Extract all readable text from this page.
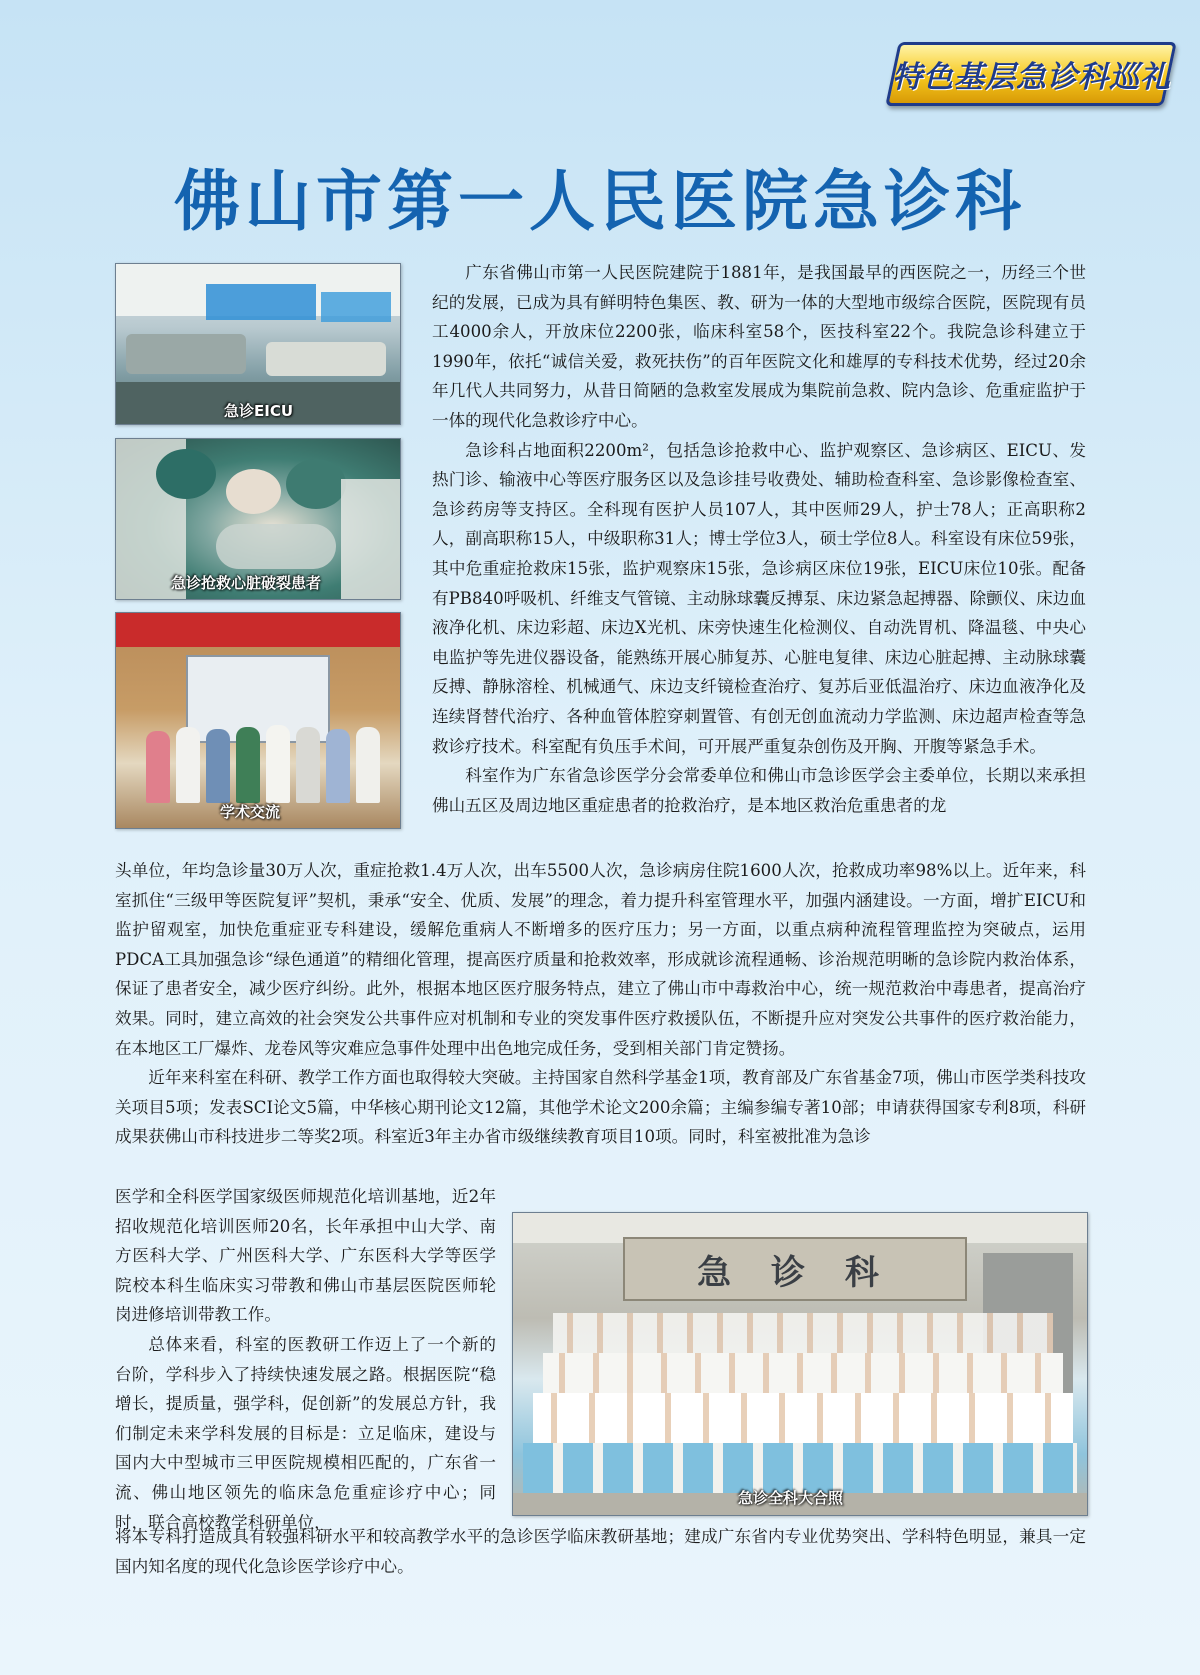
特色基层急诊科巡礼
佛山市第一人民医院急诊科
急诊EICU
急诊抢救心脏破裂患者
学术交流

广东省佛山市第一人民医院建院于1881年，是我国最早的西医院之一，历经三个世纪的发展，已成为具有鲜明特色集医、教、研为一体的大型地市级综合医院，医院现有员工4000余人，开放床位2200张，临床科室58个，医技科室22个。我院急诊科建立于1990年，依托“诚信关爱，救死扶伤”的百年医院文化和雄厚的专科技术优势，经过20余年几代人共同努力，从昔日简陋的急救室发展成为集院前急救、院内急诊、危重症监护于一体的现代化急救诊疗中心。

急诊科占地面积2200m²，包括急诊抢救中心、监护观察区、急诊病区、EICU、发热门诊、输液中心等医疗服务区以及急诊挂号收费处、辅助检查科室、急诊影像检查室、急诊药房等支持区。全科现有医护人员107人，其中医师29人，护士78人；正高职称2人，副高职称15人，中级职称31人；博士学位3人，硕士学位8人。科室设有床位59张，其中危重症抢救床15张，监护观察床15张，急诊病区床位19张，EICU床位10张。配备有PB840呼吸机、纤维支气管镜、主动脉球囊反搏泵、床边紧急起搏器、除颤仪、床边血液净化机、床边彩超、床边X光机、床旁快速生化检测仪、自动洗胃机、降温毯、中央心电监护等先进仪器设备，能熟练开展心肺复苏、心脏电复律、床边心脏起搏、主动脉球囊反搏、静脉溶栓、机械通气、床边支纤镜检查治疗、复苏后亚低温治疗、床边血液净化及连续肾替代治疗、各种血管体腔穿刺置管、有创无创血流动力学监测、床边超声检查等急救诊疗技术。科室配有负压手术间，可开展严重复杂创伤及开胸、开腹等紧急手术。

科室作为广东省急诊医学分会常委单位和佛山市急诊医学会主委单位，长期以来承担佛山五区及周边地区重症患者的抢救治疗，是本地区救治危重患者的龙

头单位，年均急诊量30万人次，重症抢救1.4万人次，出车5500人次，急诊病房住院1600人次，抢救成功率98%以上。近年来，科室抓住“三级甲等医院复评”契机，秉承“安全、优质、发展”的理念，着力提升科室管理水平，加强内涵建设。一方面，增扩EICU和监护留观室，加快危重症亚专科建设，缓解危重病人不断增多的医疗压力；另一方面，以重点病种流程管理监控为突破点，运用PDCA工具加强急诊“绿色通道”的精细化管理，提高医疗质量和抢救效率，形成就诊流程通畅、诊治规范明晰的急诊院内救治体系，保证了患者安全，减少医疗纠纷。此外，根据本地区医疗服务特点，建立了佛山市中毒救治中心，统一规范救治中毒患者，提高治疗效果。同时，建立高效的社会突发公共事件应对机制和专业的突发事件医疗救援队伍，不断提升应对突发公共事件的医疗救治能力，在本地区工厂爆炸、龙卷风等灾难应急事件处理中出色地完成任务，受到相关部门肯定赞扬。

近年来科室在科研、教学工作方面也取得较大突破。主持国家自然科学基金1项，教育部及广东省基金7项，佛山市医学类科技攻关项目5项；发表SCI论文5篇，中华核心期刊论文12篇，其他学术论文200余篇；主编参编专著10部；申请获得国家专利8项，科研成果获佛山市科技进步二等奖2项。科室近3年主办省市级继续教育项目10项。同时，科室被批准为急诊

医学和全科医学国家级医师规范化培训基地，近2年招收规范化培训医师20名，长年承担中山大学、南方医科大学、广州医科大学、广东医科大学等医学院校本科生临床实习带教和佛山市基层医院医师轮岗进修培训带教工作。

总体来看，科室的医教研工作迈上了一个新的台阶，学科步入了持续快速发展之路。根据医院“稳增长，提质量，强学科，促创新”的发展总方针，我们制定未来学科发展的目标是：立足临床，建设与国内大中型城市三甲医院规模相匹配的，广东省一流、佛山地区领先的临床急危重症诊疗中心；同时，联合高校教学科研单位，

急 诊 科
急诊全科大合照

将本专科打造成具有较强科研水平和较高教学水平的急诊医学临床教研基地；建成广东省内专业优势突出、学科特色明显，兼具一定国内知名度的现代化急诊医学诊疗中心。
